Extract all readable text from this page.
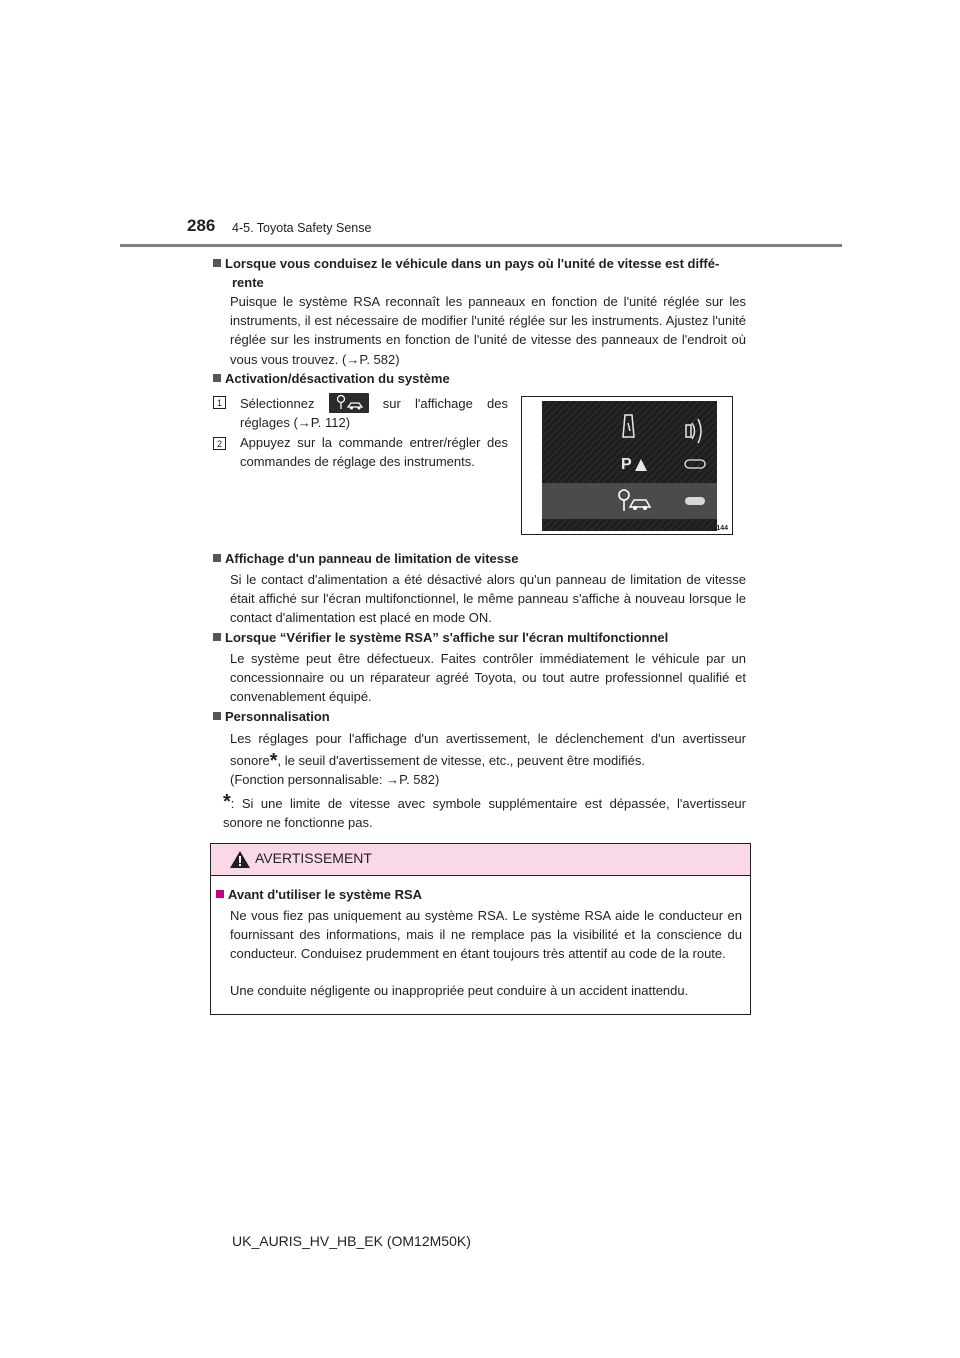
286 4-5. Toyota Safety Sense
Lorsque vous conduisez le véhicule dans un pays où l'unité de vitesse est diffé-
rente
Puisque le système RSA reconnaît les panneaux en fonction de l'unité réglée sur les instruments, il est nécessaire de modifier l'unité réglée sur les instruments. Ajustez l'unité réglée sur les instruments en fonction de l'unité de vitesse des panneaux de l'endroit où vous vous trouvez. (→P. 582)
Activation/désactivation du système
1	Sélectionnez	sur l'affichage des réglages (→P. 112)
2	Appuyez sur la commande entrer/régler des commandes de réglage des instruments.	P
CTH45AP144
Affichage d'un panneau de limitation de vitesse
Si le contact d'alimentation a été désactivé alors qu'un panneau de limitation de vitesse était affiché sur l'écran multifonctionnel, le même panneau s'affiche à nouveau lorsque le contact d'alimentation est placé en mode ON.
Lorsque “Vérifier le système RSA” s'affiche sur l'écran multifonctionnel
Le système peut être défectueux. Faites contrôler immédiatement le véhicule par un concessionnaire ou un réparateur agréé Toyota, ou tout autre professionnel qualifié et convenablement équipé.
Personnalisation
Les réglages pour l'affichage d'un avertissement, le déclenchement d'un avertisseur sonore*, le seuil d'avertissement de vitesse, etc., peuvent être modifiés.
(Fonction personnalisable: →P. 582)
*: Si une limite de vitesse avec symbole supplémentaire est dépassée, l'avertisseur sonore ne fonctionne pas.
AVERTISSEMENT
Avant d'utiliser le système RSA
Ne vous fiez pas uniquement au système RSA. Le système RSA aide le conducteur en fournissant des informations, mais il ne remplace pas la visibilité et la conscience du conducteur. Conduisez prudemment en étant toujours très attentif au code de la route.
Une conduite négligente ou inappropriée peut conduire à un accident inattendu.
UK_AURIS_HV_HB_EK (OM12M50K)
